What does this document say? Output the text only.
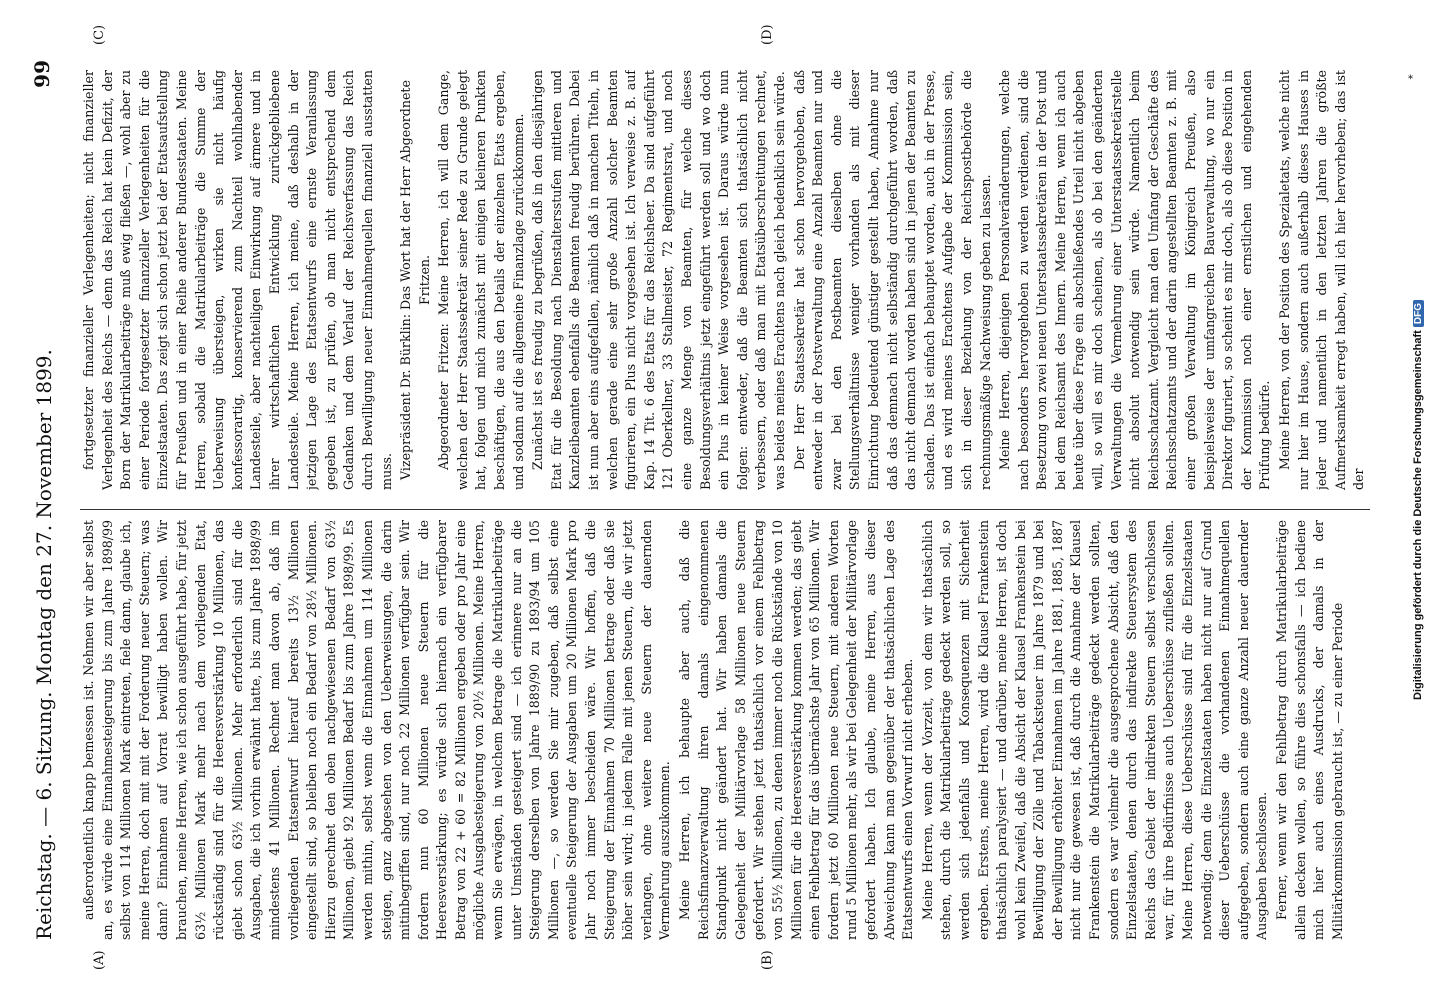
Reichstag. — 6. Sitzung. Montag den 27. November 1899.
99
(A)	(B)
(C)	(D)

außerordentlich knapp bemessen ist. Nehmen wir aber selbst an, es würde eine Einnahmesteigerung bis zum Jahre 1898/99 selbst von 114 Millionen Mark eintreten, fiele dann, glaube ich, meine Herren, doch mit mit der Forderung neuer Steuern; was dann? Einnahmen auf Vorrat bewilligt haben wollen. Wir brauchen, meine Herren, wie ich schon ausgeführt habe, für jetzt 63½ Millionen Mark mehr nach dem vorliegenden Etat, rückständig sind für die Heeresverstärkung 10 Millionen, das giebt schon 63½ Millionen. Mehr erforderlich sind für die Ausgaben, die ich vorhin erwähnt hatte, bis zum Jahre 1898/99 mindestens 41 Millionen. Rechnet man davon ab, daß im vorliegenden Etatsentwurf hierauf bereits 13½ Millionen eingestellt sind, so bleiben noch ein Bedarf von 28½ Millionen. Hierzu gerechnet den oben nachgewiesenen Bedarf von 63½ Millionen, giebt 92 Millionen Bedarf bis zum Jahre 1898/99. Es werden mithin, selbst wenn die Einnahmen um 114 Millionen steigen, ganz abgesehen von den Ueberweisungen, die darin mitinbegriffen sind, nur noch 22 Millionen verfügbar sein. Wir fordern nun 60 Millionen neue Steuern für die Heeresverstärkung; es würde sich hiernach ein verfügbarer Betrag von 22 + 60 = 82 Millionen ergeben oder pro Jahr eine mögliche Ausgabesteigerung von 20½ Millionen. Meine Herren, wenn Sie erwägen, in welchem Betrage die Matrikularbeiträge unter Umständen gesteigert sind — ich erinnere nur an die Steigerung derselben von Jahre 1889/90 zu 1893/94 um 105 Millionen —, so werden Sie mir zugeben, daß selbst eine eventuelle Steigerung der Ausgaben um 20 Millionen Mark pro Jahr noch immer bescheiden wäre. Wir hoffen, daß die Steigerung der Einnahmen 70 Millionen betrage oder daß sie höher sein wird; in jedem Falle mit jenen Steuern, die wir jetzt verlangen, ohne weitere neue Steuern der dauernden Vermehrung auszukommen. Meine Herren, ich behaupte aber auch, daß die Reichsfinanzverwaltung ihren damals eingenommenen Standpunkt nicht geändert hat. Wir haben damals die Gelegenheit der Militärvorlage 58 Millionen neue Steuern gefordert. Wir stehen jetzt thatsächlich vor einem Fehlbetrag von 55½ Millionen, zu denen immer noch die Rückstände von 10 Millionen für die Heeresverstärkung kommen werden; das giebt einen Fehlbetrag für das übernächste Jahr von 65 Millionen. Wir fordern jetzt 60 Millionen neue Steuern, mit anderen Worten rund 5 Millionen mehr, als wir bei Gelegenheit der Militärvorlage gefordert haben. Ich glaube, meine Herren, aus dieser Abweichung kann man gegenüber der thatsächlichen Lage des Etatsentwurfs einen Vorwurf nicht erheben. Meine Herren, wenn der Vorzeit, von dem wir thatsächlich stehen, durch die Matrikularbeiträge gedeckt werden soll, so werden sich jedenfalls und Konsequenzen mit Sicherheit ergeben. Erstens, meine Herren, wird die Klausel Frankenstein thatsächlich paralysiert — und darüber, meine Herren, ist doch wohl kein Zweifel, daß die Absicht der Klausel Frankenstein bei Bewilligung der Zölle und Tabacksteuer im Jahre 1879 und bei der Bewilligung erhöhter Einnahmen im Jahre 1881, 1885, 1887 nicht nur die gewesen ist, daß durch die Annahme der Klausel Frankenstein die Matrikularbeiträge gedeckt werden sollten, sondern es war vielmehr die ausgesprochene Absicht, daß den Einzelstaaten, denen durch das indirekte Steuersystem des Reichs das Gebiet der indirekten Steuern selbst verschlossen war, für ihre Bedürfnisse auch Ueberschüsse zufließen sollten. Meine Herren, diese Ueberschüsse sind für die Einzelstaaten notwendig; denn die Einzelstaaten haben nicht nur auf Grund dieser Ueberschüsse die vorhandenen Einnahmequellen aufgegeben, sondern auch eine ganze Anzahl neuer dauernder Ausgaben beschlossen. Ferner, wenn wir den Fehlbetrag durch Matrikularbeiträge allein decken wollen, so führe dies schonsfalls — ich bediene mich hier auch eines Ausdrucks, der damals in der Militärkommission gebraucht ist, — zu einer Periode

fortgesetzter finanzieller Verlegenheiten; nicht finanzieller Verlegenheit des Reichs — denn das Reich hat kein Defizit, der Born der Matrikularbeiträge muß ewig fließen —, wohl aber zu einer Periode fortgesetzter finanzieller Verlegenheiten für die Einzelstaaten. Das zeigt sich schon jetzt bei der Etatsaufstellung für Preußen und in einer Reihe anderer Bundesstaaten. Meine Herren, sobald die Matrikularbeiträge die Summe der Ueberweisung übersteigen, wirken sie nicht häufig konfessorartig, konservierend zum Nachteil wohlhabender Landesteile, aber nachteiligen Einwirkung auf ärmere und in ihrer wirtschaftlichen Entwicklung zurückgebliebene Landesteile. Meine Herren, ich meine, daß deshalb in der jetzigen Lage des Etatsentwurfs eine ernste Veranlassung gegeben ist, zu prüfen, ob man nicht entsprechend dem Gedanken und dem Verlauf der Reichsverfassung das Reich durch Bewilligung neuer Einnahmequellen finanziell ausstatten muss. Vizepräsident Dr. Bürklin: Das Wort hat der Herr Abgeordnete Fritzen. Abgeordneter Fritzen: Meine Herren, ich will dem Gange, welchen der Herr Staatssekretär seiner Rede zu Grunde gelegt hat, folgen und mich zunächst mit einigen kleineren Punkten beschäftigen, die aus den Details der einzelnen Etats ergeben, und sodann auf die allgemeine Finanzlage zurückkommen. Zunächst ist es freudig zu begrüßen, daß in den diesjährigen Etat für die Besoldung nach Dienstaltersstufen mittleren und Kanzleibeamten ebenfalls die Beamten freudig berühren. Dabei ist nun aber eins aufgefallen, nämlich daß in manchen Titeln, in welchen gerade eine sehr große Anzahl solcher Beamten figurieren, ein Plus nicht vorgesehen ist. Ich verweise z. B. auf Kap. 14 Tit. 6 des Etats für das Reichsheer. Da sind aufgeführt 121 Oberkellner, 33 Stallmeister, 72 Regimentsrat, und noch eine ganze Menge von Beamten, für welche dieses Besoldungsverhältnis jetzt eingeführt werden soll und wo doch ein Plus in keiner Weise vorgesehen ist. Daraus würde nun folgen: entweder, daß die Beamten sich thatsächlich nicht verbessern, oder daß man mit Etatsüberschreitungen rechnet, was beides meines Erachtens nach gleich bedenklich sein würde. Der Herr Staatssekretär hat schon hervorgehoben, daß entweder in der Postverwaltung eine Anzahl Beamten nur und zwar bei den Postbeamten dieselben ohne die Stellungsverhältnisse weniger vorhanden als mit dieser Einrichtung bedeutend günstiger gestellt haben, Annahme nur daß das demnach nicht selbständig durchgeführt worden, daß das nicht demnach worden haben sind in jenen der Beamten zu schaden. Das ist einfach behauptet worden, auch in der Presse, und es wird meines Erachtens Aufgabe der Kommission sein, sich in dieser Beziehung von der Reichspostbehörde die rechnungsmäßige Nachweisung geben zu lassen. Meine Herren, diejenigen Personalveränderungen, welche nach besonders hervorgehoben zu werden verdienen, sind die Besetzung von zwei neuen Unterstaatssekretären in der Post und bei dem Reichsamt des Innern. Meine Herren, wenn ich auch heute über diese Frage ein abschließendes Urteil nicht abgeben will, so will es mir doch scheinen, als ob bei den geänderten Verwaltungen die Vermehrung einer Unterstaatssekretärstelle nicht absolut notwendig sein würde. Namentlich beim Reichsschatzamt. Vergleicht man den Umfang der Geschäfte des Reichsschatzamts und der darin angestellten Beamten z. B. mit einer großen Verwaltung im Königreich Preußen, also beispielsweise der umfangreichen Bauverwaltung, wo nur ein Direktor figuriert, so scheint es mir doch, als ob diese Position in der Kommission noch einer ernstlichen und eingehenden Prüfung bedürfe. Meine Herren, von der Position des Spezialetats, welche nicht nur hier im Hause, sondern auch außerhalb dieses Hauses in jeder und namentlich in den letzten Jahren die größte Aufmerksamkeit erregt haben, will ich hier hervorheben; das ist der

*
Digitalisierung gefördert durch die Deutsche Forschungsgemeinschaft DFG
